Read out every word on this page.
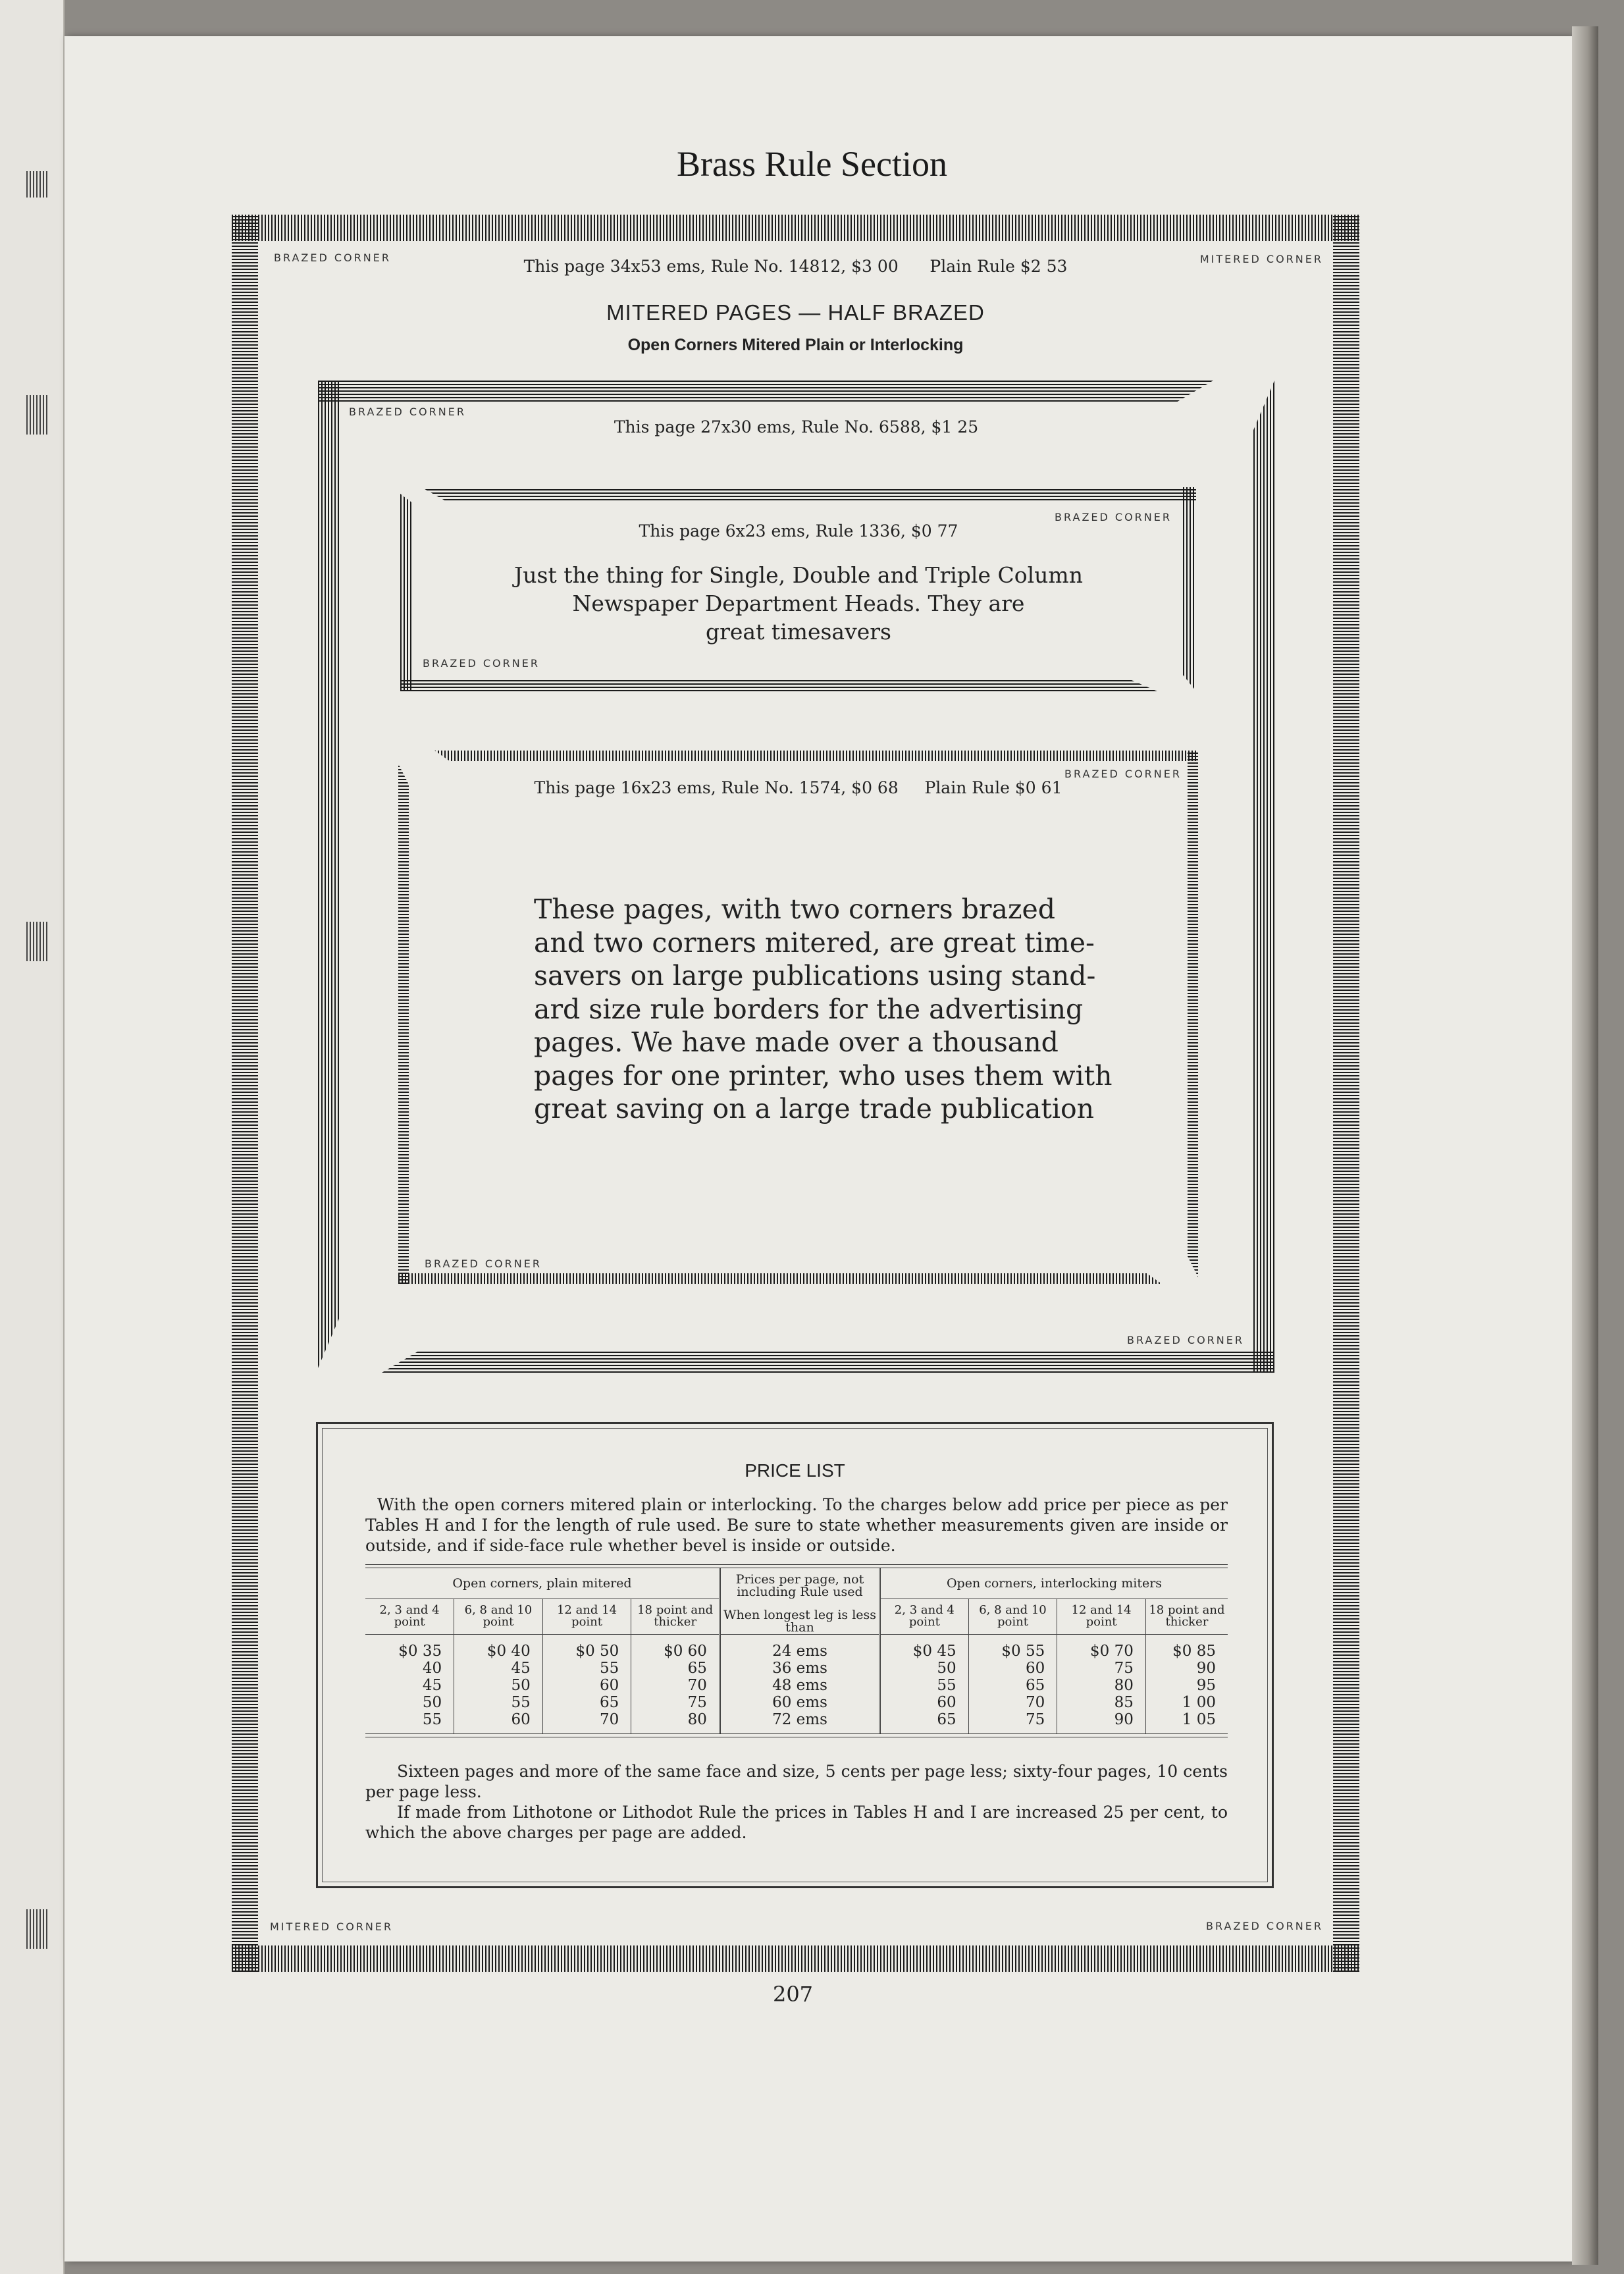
Brass Rule Section
BRAZED CORNER	MITERED CORNER
MITERED CORNER	BRAZED CORNER
This page 34x53 ems, Rule No. 14812, $3 00      Plain Rule $2 53
MITERED PAGES — HALF BRAZED
Open Corners Mitered Plain or Interlocking
BRAZED CORNER
BRAZED CORNER
This page 27x30 ems, Rule No. 6588, $1 25
BRAZED CORNER
BRAZED CORNER
This page 6x23 ems, Rule 1336, $0 77
Just the thing for Single, Double and Triple Column
Newspaper Department Heads. They are
great timesavers
BRAZED CORNER
BRAZED CORNER
This page 16x23 ems, Rule No. 1574, $0 68     Plain Rule $0 61
These pages, with two corners brazed
and two corners mitered, are great time-
savers on large publications using stand-
ard size rule borders for the advertising
pages. We have made over a thousand
pages for one printer, who uses them with
great saving on a large trade publication
PRICE LIST
With the open corners mitered plain or interlocking. To the charges below add price per piece as per Tables H and I for the length of rule used. Be sure to state whether measurements given are inside or outside, and if side-face rule whether bevel is inside or outside.
Open corners, plain mitered				Prices per page, not including Rule used
When longest leg is less than	Open corners, interlocking miters			
2, 3 and 4 point	6, 8 and 10 point	12 and 14 point	18 point and thicker		2, 3 and 4 point	6, 8 and 10 point	12 and 14 point	18 point and thicker
$0 35	$0 40	$0 50	$0 60	24 ems	$0 45	$0 55	$0 70	$0 85
40	45	55	65	36 ems	50	60	75	90
45	50	60	70	48 ems	55	65	80	95
50	55	65	75	60 ems	60	70	85	1 00
55	60	70	80	72 ems	65	75	90	1 05
Sixteen pages and more of the same face and size, 5 cents per page less; sixty-four pages, 10 cents per page less.
If made from Lithotone or Lithodot Rule the prices in Tables H and I are increased 25 per cent, to which the above charges per page are added.
207
